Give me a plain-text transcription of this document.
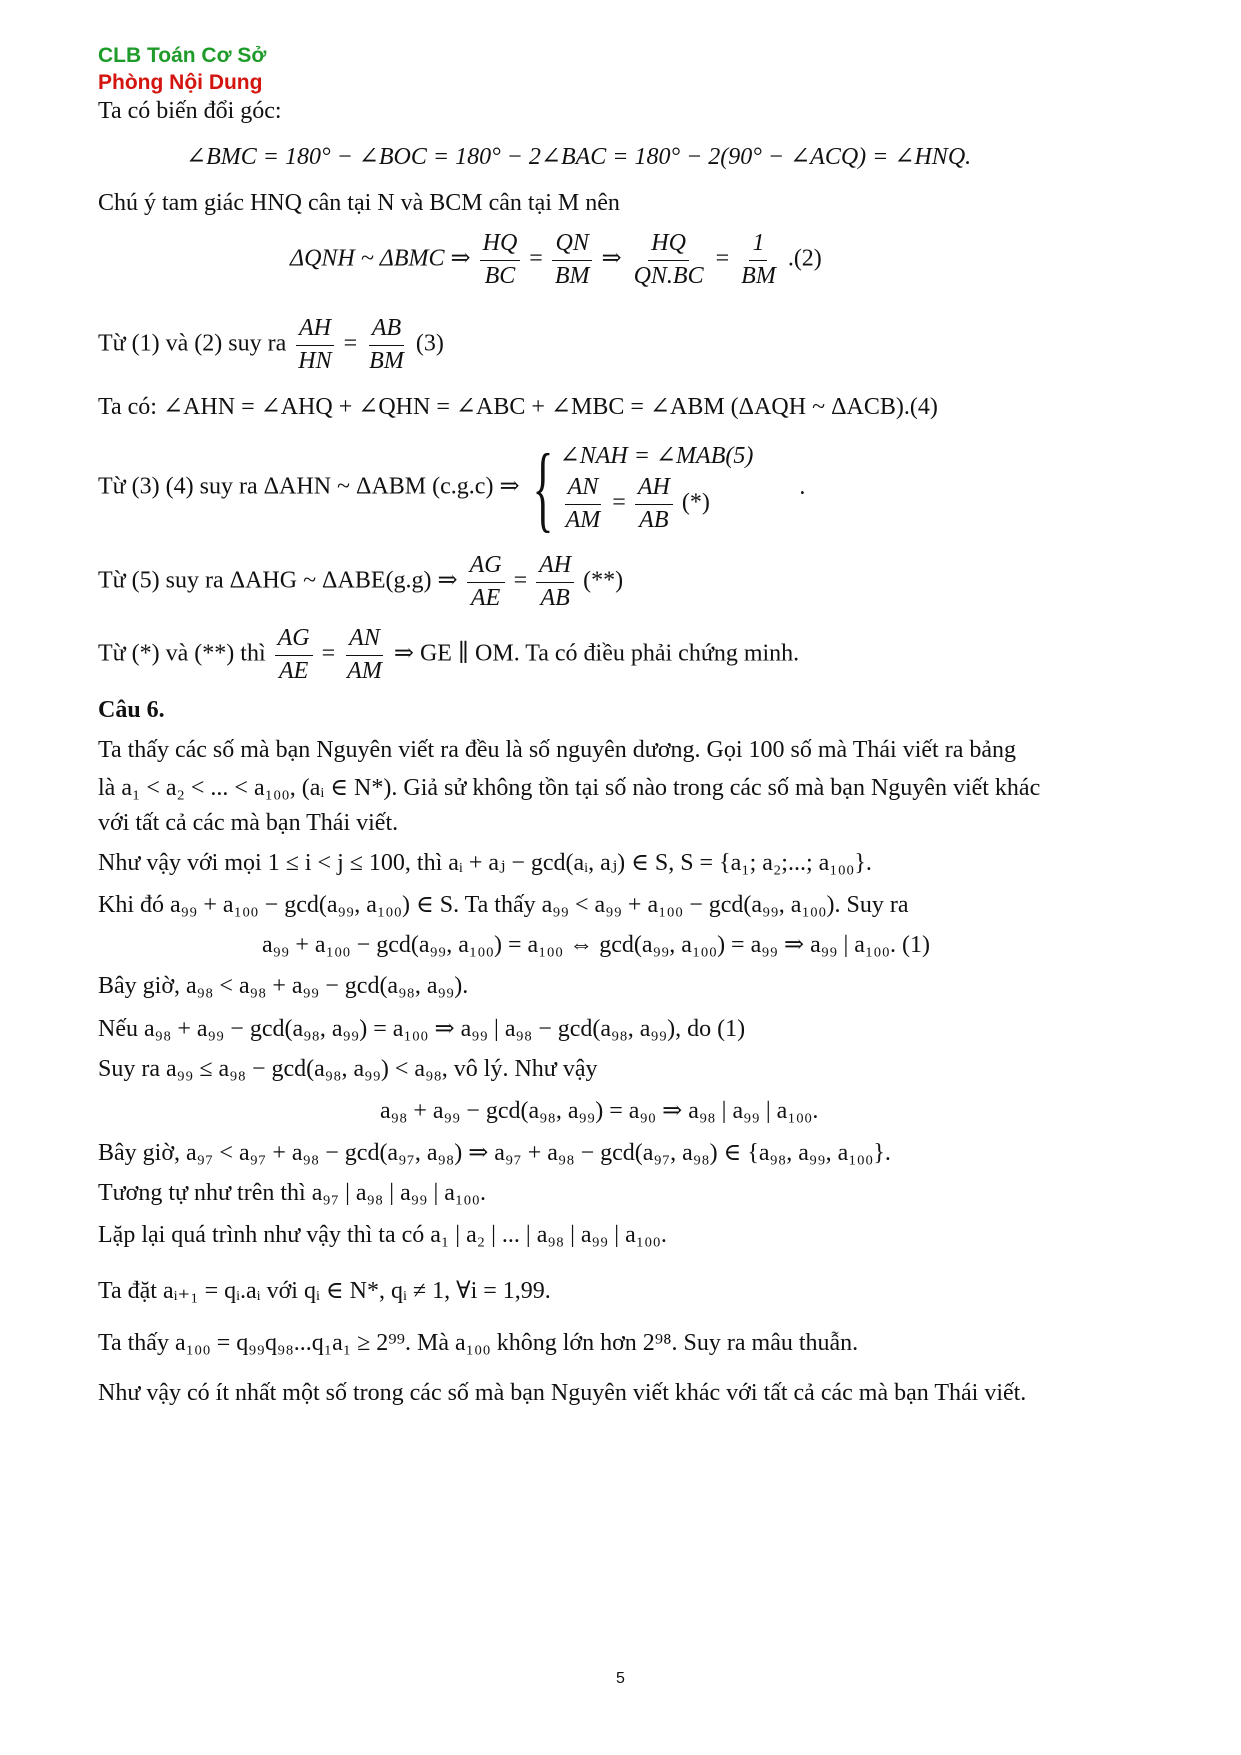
CLB Toán Cơ Sở
Phòng Nội Dung
Ta có biến đổi góc:
∠BMC = 180° − ∠BOC = 180° − 2∠BAC = 180° − 2(90° − ∠ACQ) = ∠HNQ.
Chú ý tam giác HNQ cân tại N và BCM cân tại M nên
ΔQNH ~ ΔBMC ⇒ $\frac{HQ}{BC} = \frac{QN}{BM}$ ⇒ $\frac{HQ}{QN.BC} = \frac{1}{BM} .(2)$
Từ (1) và (2) suy ra $\frac{AH}{HN} = \frac{AB}{BM} (3)$
Ta có: ∠AHN = ∠AHQ + ∠QHN = ∠ABC + ∠MBC = ∠ABM (ΔAQH ~ ΔACB).(4)
Từ (3) (4) suy ra ΔAHN ~ ΔABM (c.g.c) ⇒ { ∠NAH = ∠MAB(5)
$\frac{AN}{AM} = \frac{AH}{AB}$ (*)
.
Từ (5) suy ra ΔAHG ~ ΔABE(g.g) ⇒ $\frac{AG}{AE} = \frac{AH}{AB}$ (**)
Từ (*) và (**) thì $\frac{AG}{AE} = \frac{AN}{AM}$ ⇒ GE ∥ OM. Ta có điều phải chứng minh.
Câu 6.
Ta thấy các số mà bạn Nguyên viết ra đều là số nguyên dương. Gọi 100 số mà Thái viết ra bảng
là a₁ < a₂ < ... < a₁₀₀, (aᵢ ∈ N*). Giả sử không tồn tại số nào trong các số mà bạn Nguyên viết khác
với tất cả các mà bạn Thái viết.
Như vậy với mọi 1 ≤ i < j ≤ 100, thì aᵢ + aⱼ − gcd(aᵢ, aⱼ) ∈ S, S = {a₁; a₂;...; a₁₀₀}.
Khi đó a₉₉ + a₁₀₀ − gcd(a₉₉, a₁₀₀) ∈ S. Ta thấy a₉₉ < a₉₉ + a₁₀₀ − gcd(a₉₉, a₁₀₀). Suy ra
a₉₉ + a₁₀₀ − gcd(a₉₉, a₁₀₀) = a₁₀₀ ⇔ gcd(a₉₉, a₁₀₀) = a₉₉ ⇒ a₉₉ | a₁₀₀. (1)
Bây giờ, a₉₈ < a₉₈ + a₉₉ − gcd(a₉₈, a₉₉).
Nếu a₉₈ + a₉₉ − gcd(a₉₈, a₉₉) = a₁₀₀ ⇒ a₉₉ | a₉₈ − gcd(a₉₈, a₉₉), do (1)
Suy ra a₉₉ ≤ a₉₈ − gcd(a₉₈, a₉₉) < a₉₈, vô lý. Như vậy
a₉₈ + a₉₉ − gcd(a₉₈, a₉₉) = a₉₀ ⇒ a₉₈ | a₉₉ | a₁₀₀.
Bây giờ, a₉₇ < a₉₇ + a₉₈ − gcd(a₉₇, a₉₈) ⇒ a₉₇ + a₉₈ − gcd(a₉₇, a₉₈) ∈ {a₉₈, a₉₉, a₁₀₀}.
Tương tự như trên thì a₉₇ | a₉₈ | a₉₉ | a₁₀₀.
Lặp lại quá trình như vậy thì ta có a₁ | a₂ | ... | a₉₈ | a₉₉ | a₁₀₀.
Ta đặt aᵢ₊₁ = qᵢ.aᵢ với qᵢ ∈ N*, qᵢ ≠ 1, ∀i = 1,99.
Ta thấy a₁₀₀ = q₉₉q₉₈...q₁a₁ ≥ 2⁹⁹. Mà a₁₀₀ không lớn hơn 2⁹⁸. Suy ra mâu thuẫn.
Như vậy có ít nhất một số trong các số mà bạn Nguyên viết khác với tất cả các mà bạn Thái viết.
5
